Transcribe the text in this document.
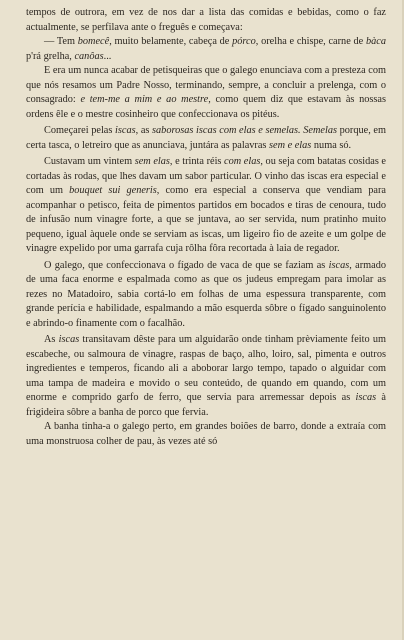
tempos de outrora, em vez de nos dar a lista das comidas e bebidas, como o faz actualmente, se perfilava ante o freguês e começava:

— Tem bomecê, muito belamente, cabeça de pórco, orelha e chispe, carne de bàca p'rá grelha, canôas...

E era um nunca acabar de petisqueiras que o galego enunciava com a presteza com que nós resamos um Padre Nosso, terminando, sempre, a concluir a prelenga, com o consagrado: e tem-me a mim e ao mestre, como quem diz que estavam às nossas ordens êle e o mestre cosinheiro que confeccionava os pitéus.

Começarei pelas iscas, as saborosas iscas com elas e semelas. Semelas porque, em certa tasca, o letreiro que as anunciava, juntára as palavras sem e elas numa só.

Custavam um vintem sem elas, e trinta réis com elas, ou seja com batatas cosidas e cortadas às rodas, que lhes davam um sabor particular. O vinho das iscas era especial e com um bouquet sui generis, como era especial a conserva que vendiam para acompanhar o petisco, feita de pimentos partidos em bocados e tiras de cenoura, tudo de infusão num vinagre forte, a que se juntava, ao ser servida, num pratinho muito pequeno, igual àquele onde se serviam as iscas, um ligeiro fio de azeite e um golpe de vinagre expelido por uma garrafa cuja rôlha fôra recortada à laia de regador.

O galego, que confeccionava o fígado de vaca de que se faziam as iscas, armado de uma faca enorme e espalmada como as que os judeus empregam para imolar as rezes no Matadoiro, sabia cortá-lo em folhas de uma espessura transparente, com grande perícia e habilidade, espalmando a mão esquerda sôbre o fígado sanguinolento e abrindo-o finamente com o facalhão.

As iscas transitavam dêste para um alguidarão onde tinham prèviamente feito um escabeche, ou salmoura de vinagre, raspas de baço, alho, loiro, sal, pimenta e outros ingredientes e temperos, ficando ali a aboborar largo tempo, tapado o alguidar com uma tampa de madeira e movido o seu conteúdo, de quando em quando, com um enorme e comprido garfo de ferro, que servia para arremessar depois as iscas à frigideira sôbre a banha de porco que fervia.

A banha tinha-a o galego perto, em grandes boiões de barro, donde a extraía com uma monstruosa colher de pau, às vezes até só
